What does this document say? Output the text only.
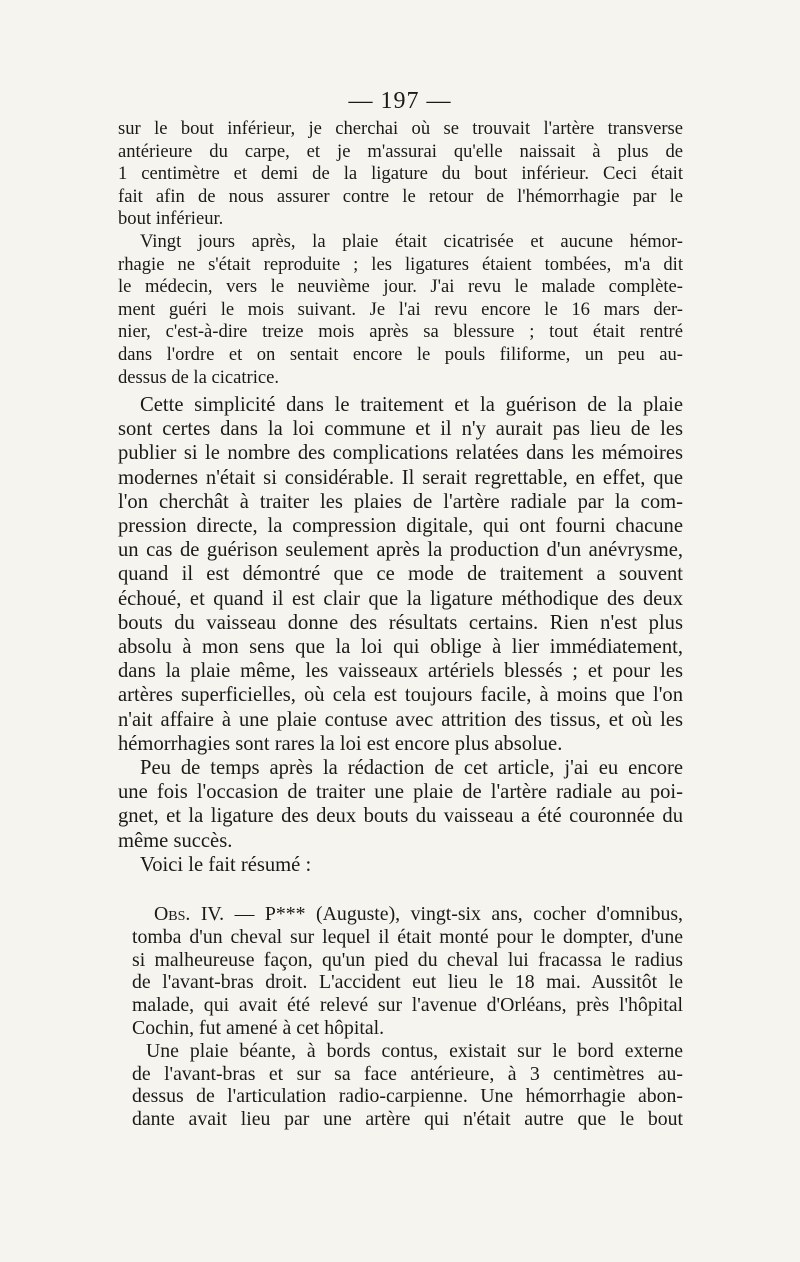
— 197 —
sur le bout inférieur, je cherchai où se trouvait l'artère transverse
antérieure du carpe, et je m'assurai qu'elle naissait à plus de
1 centimètre et demi de la ligature du bout inférieur. Ceci était
fait afin de nous assurer contre le retour de l'hémorrhagie par le
bout inférieur.
Vingt jours après, la plaie était cicatrisée et aucune hémor-
rhagie ne s'était reproduite ; les ligatures étaient tombées, m'a dit
le médecin, vers le neuvième jour. J'ai revu le malade complète-
ment guéri le mois suivant. Je l'ai revu encore le 16 mars der-
nier, c'est-à-dire treize mois après sa blessure ; tout était rentré
dans l'ordre et on sentait encore le pouls filiforme, un peu au-
dessus de la cicatrice.
Cette simplicité dans le traitement et la guérison de la plaie
sont certes dans la loi commune et il n'y aurait pas lieu de les
publier si le nombre des complications relatées dans les mémoires
modernes n'était si considérable. Il serait regrettable, en effet, que
l'on cherchât à traiter les plaies de l'artère radiale par la com-
pression directe, la compression digitale, qui ont fourni chacune
un cas de guérison seulement après la production d'un anévrysme,
quand il est démontré que ce mode de traitement a souvent
échoué, et quand il est clair que la ligature méthodique des deux
bouts du vaisseau donne des résultats certains. Rien n'est plus
absolu à mon sens que la loi qui oblige à lier immédiatement,
dans la plaie même, les vaisseaux artériels blessés ; et pour les
artères superficielles, où cela est toujours facile, à moins que l'on
n'ait affaire à une plaie contuse avec attrition des tissus, et où les
hémorrhagies sont rares la loi est encore plus absolue.
Peu de temps après la rédaction de cet article, j'ai eu encore
une fois l'occasion de traiter une plaie de l'artère radiale au poi-
gnet, et la ligature des deux bouts du vaisseau a été couronnée du
même succès.
Voici le fait résumé :
Obs. IV. — P*** (Auguste), vingt-six ans, cocher d'omnibus,
tomba d'un cheval sur lequel il était monté pour le dompter, d'une
si malheureuse façon, qu'un pied du cheval lui fracassa le radius
de l'avant-bras droit. L'accident eut lieu le 18 mai. Aussitôt le
malade, qui avait été relevé sur l'avenue d'Orléans, près l'hôpital
Cochin, fut amené à cet hôpital.
Une plaie béante, à bords contus, existait sur le bord externe
de l'avant-bras et sur sa face antérieure, à 3 centimètres au-
dessus de l'articulation radio-carpienne. Une hémorrhagie abon-
dante avait lieu par une artère qui n'était autre que le bout
